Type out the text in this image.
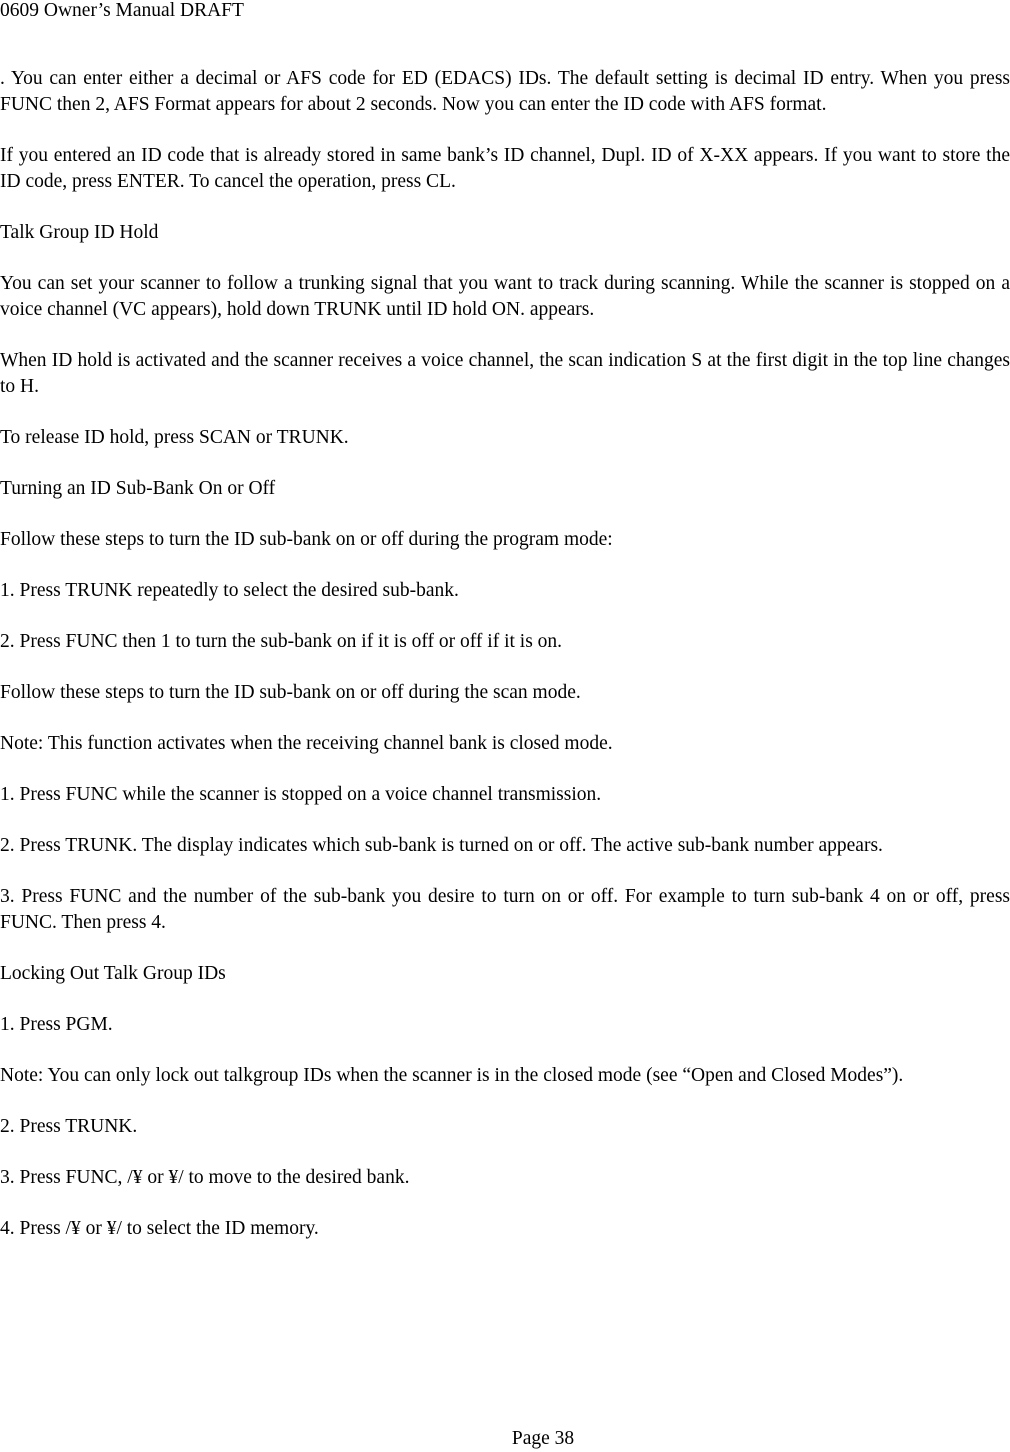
0609 Owner’s Manual DRAFT

. You can enter either a decimal or AFS code for ED (EDACS) IDs. The default setting is decimal ID entry. When you press FUNC then 2, AFS Format appears for about 2 seconds. Now you can enter the ID code with AFS format.

If you entered an ID code that is already stored in same bank’s ID channel, Dupl. ID of X-XX appears. If you want to store the ID code, press ENTER. To cancel the operation, press CL.

Talk Group ID Hold

You can set your scanner to follow a trunking signal that you want to track during scanning. While the scanner is stopped on a voice channel (VC appears), hold down TRUNK until ID hold ON. appears.

When ID hold is activated and the scanner receives a voice channel, the scan indication S at the first digit in the top line changes to H.

To release ID hold, press SCAN or TRUNK.

Turning an ID Sub-Bank On or Off

Follow these steps to turn the ID sub-bank on or off during the program mode:

1. Press TRUNK repeatedly to select the desired sub-bank.

2. Press FUNC then 1 to turn the sub-bank on if it is off or off if it is on.

Follow these steps to turn the ID sub-bank on or off during the scan mode.

Note: This function activates when the receiving channel bank is closed mode.

1. Press FUNC while the scanner is stopped on a voice channel transmission.

2. Press TRUNK. The display indicates which sub-bank is turned on or off. The active sub-bank number appears.

3. Press FUNC and the number of the sub-bank you desire to turn on or off. For example to turn sub-bank 4 on or off, press FUNC. Then press 4.

Locking Out Talk Group IDs

1. Press PGM.

Note: You can only lock out talkgroup IDs when the scanner is in the closed mode (see “Open and Closed Modes”).

2. Press TRUNK.

3. Press FUNC, /¥ or ¥/ to move to the desired bank.

4. Press /¥ or ¥/ to select the ID memory.

Page 38
